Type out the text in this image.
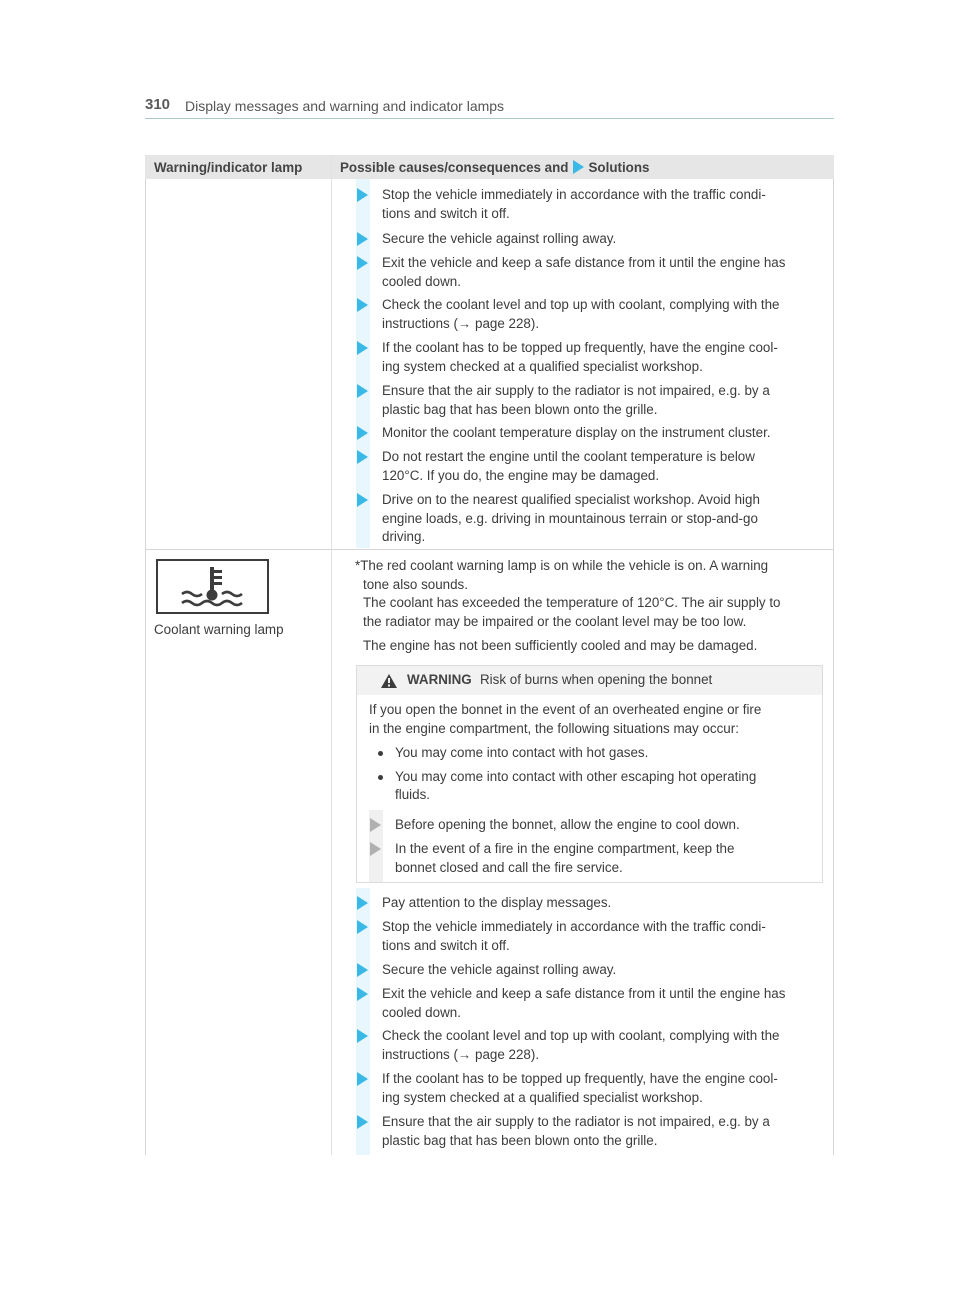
310 Display messages and warning and indicator lamps
Warning/indicator lamp	Possible causes/consequences and Solutions
Stop the vehicle immediately in accordance with the traffic condi-
tions and switch it off.
Secure the vehicle against rolling away.
Exit the vehicle and keep a safe distance from it until the engine has
cooled down.
Check the coolant level and top up with coolant, complying with the
instructions (→ page 228).
If the coolant has to be topped up frequently, have the engine cool-
ing system checked at a qualified specialist workshop.
Ensure that the air supply to the radiator is not impaired, e.g. by a
plastic bag that has been blown onto the grille.
Monitor the coolant temperature display on the instrument cluster.
Do not restart the engine until the coolant temperature is below
120°C. If you do, the engine may be damaged.
Drive on to the nearest qualified specialist workshop. Avoid high
engine loads, e.g. driving in mountainous terrain or stop-and-go
driving.
Coolant warning lamp

*The red coolant warning lamp is on while the vehicle is on. A warning
tone also sounds.
The coolant has exceeded the temperature of 120°C. The air supply to
the radiator may be impaired or the coolant level may be too low.

The engine has not been sufficiently cooled and may be damaged.

WARNING Risk of burns when opening the bonnet

If you open the bonnet in the event of an overheated engine or fire
in the engine compartment, the following situations may occur:

You may come into contact with hot gases.
You may come into contact with other escaping hot operating
fluids.
Before opening the bonnet, allow the engine to cool down.
In the event of a fire in the engine compartment, keep the
bonnet closed and call the fire service.
Pay attention to the display messages.
Stop the vehicle immediately in accordance with the traffic condi-
tions and switch it off.
Secure the vehicle against rolling away.
Exit the vehicle and keep a safe distance from it until the engine has
cooled down.
Check the coolant level and top up with coolant, complying with the
instructions (→ page 228).
If the coolant has to be topped up frequently, have the engine cool-
ing system checked at a qualified specialist workshop.
Ensure that the air supply to the radiator is not impaired, e.g. by a
plastic bag that has been blown onto the grille.
